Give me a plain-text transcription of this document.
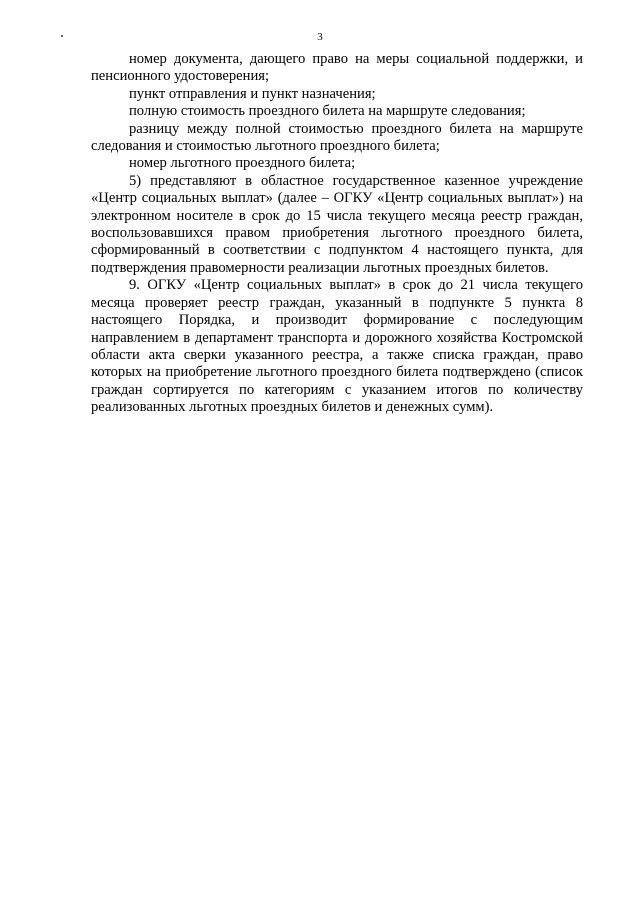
3

номер документа, дающего право на меры социальной поддержки, и пенсионного удостоверения;

пункт отправления и пункт назначения;

полную стоимость проездного билета на маршруте следования;

разницу между полной стоимостью проездного билета на маршруте следования и стоимостью льготного проездного билета;

номер льготного проездного билета;

5) представляют в областное государственное казенное учреждение «Центр социальных выплат» (далее – ОГКУ «Центр социальных выплат») на электронном носителе в срок до 15 числа текущего месяца реестр граждан, воспользовавшихся правом приобретения льготного проездного билета, сформированный в соответствии с подпунктом 4 настоящего пункта, для подтверждения правомерности реализации льготных проездных билетов.

9. ОГКУ «Центр социальных выплат» в срок до 21 числа текущего месяца проверяет реестр граждан, указанный в подпункте 5 пункта 8 настоящего Порядка, и производит формирование с последующим направлением в департамент транспорта и дорожного хозяйства Костромской области акта сверки указанного реестра, а также списка граждан, право которых на приобретение льготного проездного билета подтверждено (список граждан сортируется по категориям с указанием итогов по количеству реализованных льготных проездных билетов и денежных сумм).
